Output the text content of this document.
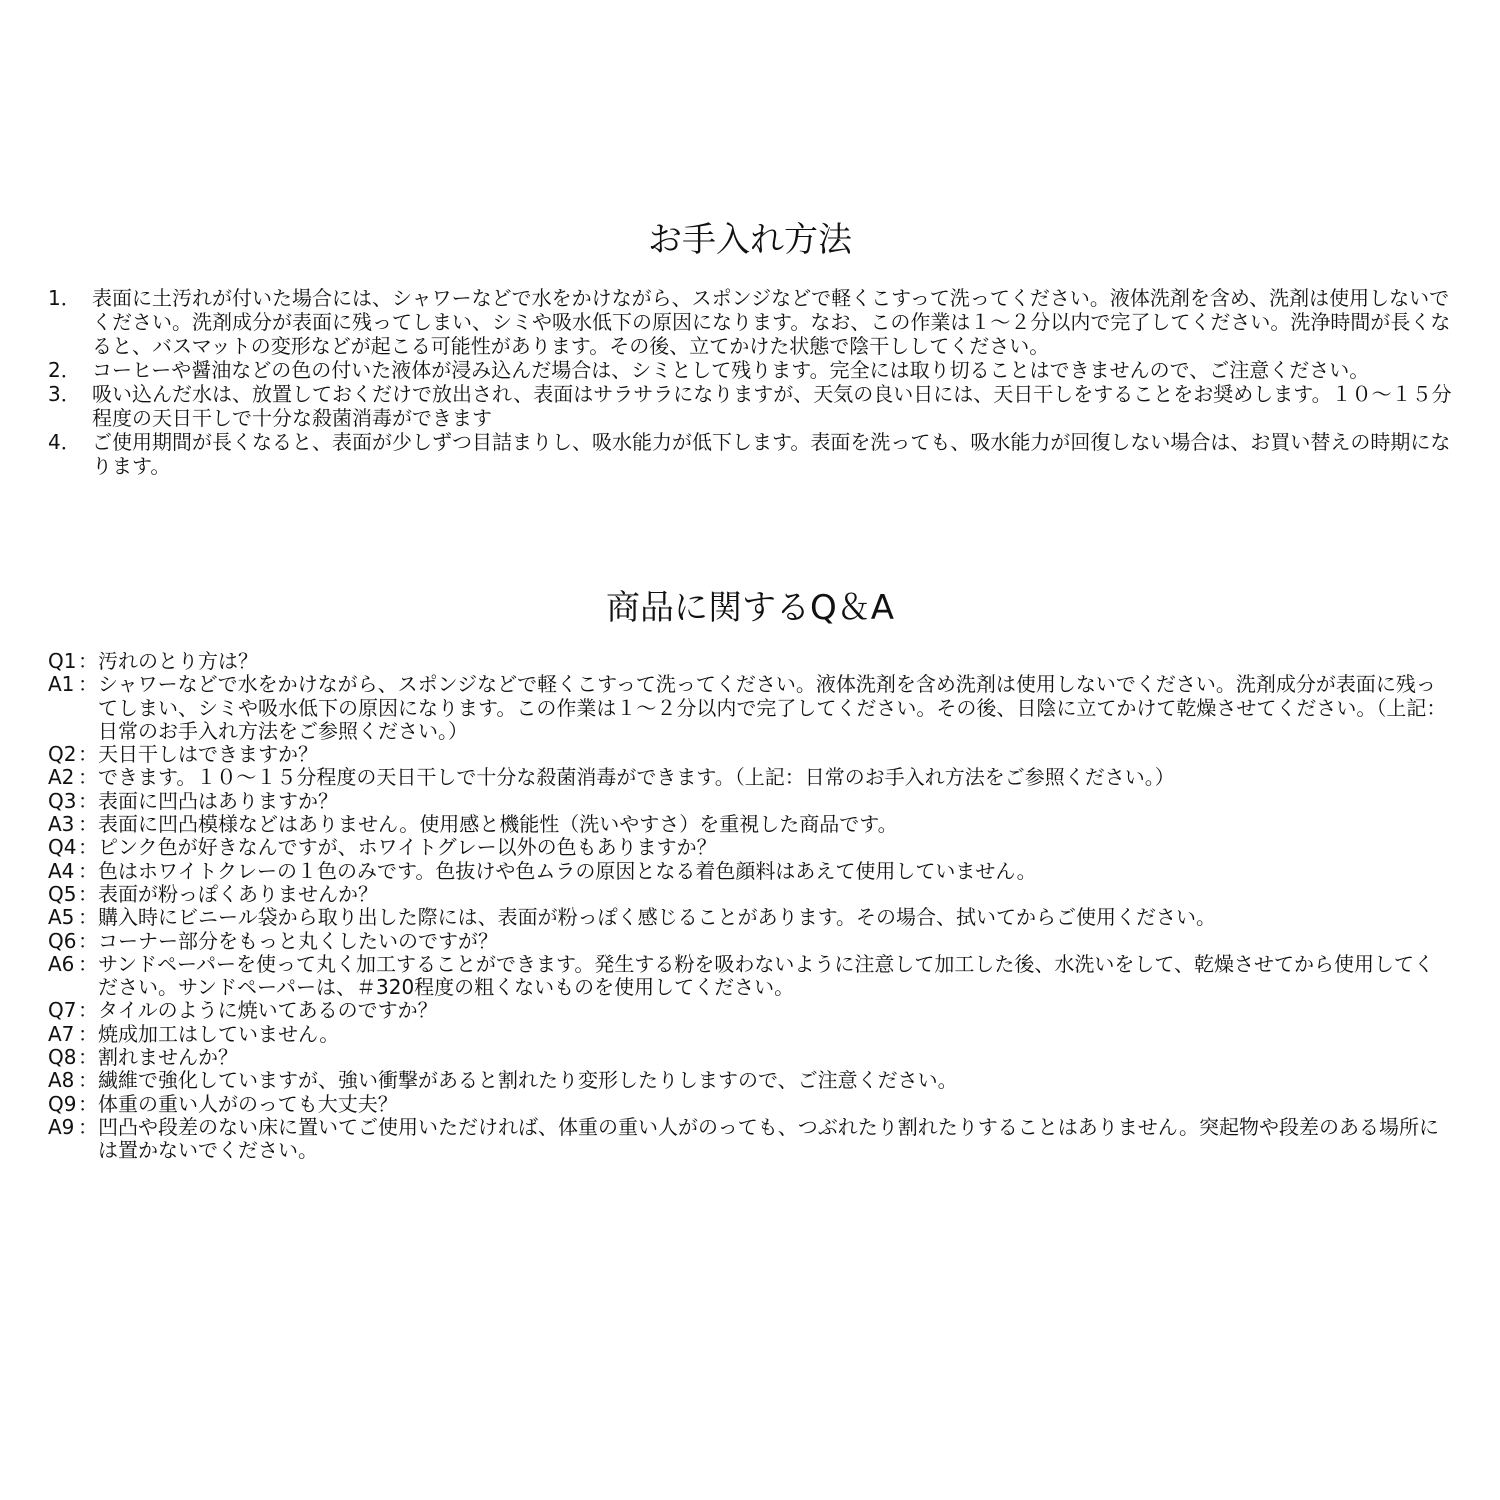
お手入れ方法
1． 表面に土汚れが付いた場合には、シャワーなどで水をかけながら、スポンジなどで軽くこすって洗ってください。液体洗剤を含め、洗剤は使用しないでください。洗剤成分が表面に残ってしまい、シミや吸水低下の原因になります。なお、この作業は１～２分以内で完了してください。洗浄時間が長くなると、バスマットの変形などが起こる可能性があります。その後、立てかけた状態で陰干ししてください。
2． コーヒーや醤油などの色の付いた液体が浸み込んだ場合は、シミとして残ります。完全には取り切ることはできませんので、ご注意ください。
3． 吸い込んだ水は、放置しておくだけで放出され、表面はサラサラになりますが、天気の良い日には、天日干しをすることをお奨めします。１０～１５分程度の天日干しで十分な殺菌消毒ができます
4． ご使用期間が長くなると、表面が少しずつ目詰まりし、吸水能力が低下します。表面を洗っても、吸水能力が回復しない場合は、お買い替えの時期になります。
商品に関するQ＆A
Q1 ： 汚れのとり方は？
A1 ： シャワーなどで水をかけながら、スポンジなどで軽くこすって洗ってください。液体洗剤を含め洗剤は使用しないでください。洗剤成分が表面に残ってしまい、シミや吸水低下の原因になります。この作業は１～２分以内で完了してください。その後、日陰に立てかけて乾燥させてください。（上記：日常のお手入れ方法をご参照ください。）
Q2 ： 天日干しはできますか？
A2 ： できます。１０～１５分程度の天日干しで十分な殺菌消毒ができます。（上記：日常のお手入れ方法をご参照ください。）
Q3 ： 表面に凹凸はありますか？
A3 ： 表面に凹凸模様などはありません。使用感と機能性（洗いやすさ）を重視した商品です。
Q4 ： ピンク色が好きなんですが、ホワイトグレー以外の色もありますか？
A4 ： 色はホワイトクレーの１色のみです。色抜けや色ムラの原因となる着色顔料はあえて使用していません。
Q5 ： 表面が粉っぽくありませんか？
A5 ： 購入時にビニール袋から取り出した際には、表面が粉っぽく感じることがあります。その場合、拭いてからご使用ください。
Q6 ： コーナー部分をもっと丸くしたいのですが？
A6 ： サンドペーパーを使って丸く加工することができます。発生する粉を吸わないように注意して加工した後、水洗いをして、乾燥させてから使用してください。サンドペーパーは、＃320程度の粗くないものを使用してください。
Q7 ： タイルのように焼いてあるのですか？
A7 ： 焼成加工はしていません。
Q8 ： 割れませんか？
A8 ： 繊維で強化していますが、強い衝撃があると割れたり変形したりしますので、ご注意ください。
Q9 ： 体重の重い人がのっても大丈夫？
A9 ： 凹凸や段差のない床に置いてご使用いただければ、体重の重い人がのっても、つぶれたり割れたりすることはありません。突起物や段差のある場所には置かないでください。
